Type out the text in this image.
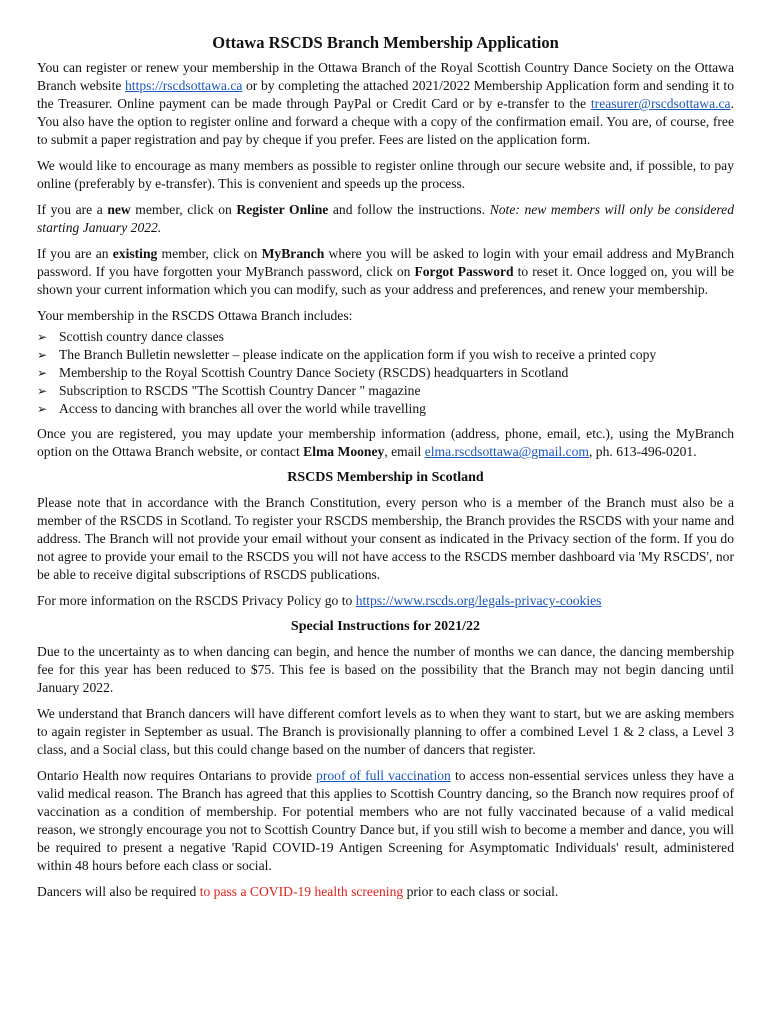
Ottawa RSCDS Branch Membership Application

You can register or renew your membership in the Ottawa Branch of the Royal Scottish Country Dance Society on the Ottawa Branch website https://rscdsottawa.ca or by completing the attached 2021/2022 Membership Application form and sending it to the Treasurer. Online payment can be made through PayPal or Credit Card or by e-transfer to the treasurer@rscdsottawa.ca. You also have the option to register online and forward a cheque with a copy of the confirmation email. You are, of course, free to submit a paper registration and pay by cheque if you prefer. Fees are listed on the application form.

We would like to encourage as many members as possible to register online through our secure website and, if possible, to pay online (preferably by e-transfer). This is convenient and speeds up the process.

If you are a new member, click on Register Online and follow the instructions. Note: new members will only be considered starting January 2022.

If you are an existing member, click on MyBranch where you will be asked to login with your email address and MyBranch password. If you have forgotten your MyBranch password, click on Forgot Password to reset it. Once logged on, you will be shown your current information which you can modify, such as your address and preferences, and renew your membership.

Your membership in the RSCDS Ottawa Branch includes:

➢ Scottish country dance classes
➢ The Branch Bulletin newsletter – please indicate on the application form if you wish to receive a printed copy
➢ Membership to the Royal Scottish Country Dance Society (RSCDS) headquarters in Scotland
➢ Subscription to RSCDS "The Scottish Country Dancer " magazine
➢ Access to dancing with branches all over the world while travelling

Once you are registered, you may update your membership information (address, phone, email, etc.), using the MyBranch option on the Ottawa Branch website, or contact Elma Mooney, email elma.rscdsottawa@gmail.com, ph. 613-496-0201.

RSCDS Membership in Scotland

Please note that in accordance with the Branch Constitution, every person who is a member of the Branch must also be a member of the RSCDS in Scotland. To register your RSCDS membership, the Branch provides the RSCDS with your name and address. The Branch will not provide your email without your consent as indicated in the Privacy section of the form. If you do not agree to provide your email to the RSCDS you will not have access to the RSCDS member dashboard via 'My RSCDS', nor be able to receive digital subscriptions of RSCDS publications.

For more information on the RSCDS Privacy Policy go to https://www.rscds.org/legals-privacy-cookies

Special Instructions for 2021/22

Due to the uncertainty as to when dancing can begin, and hence the number of months we can dance, the dancing membership fee for this year has been reduced to $75. This fee is based on the possibility that the Branch may not begin dancing until January 2022.

We understand that Branch dancers will have different comfort levels as to when they want to start, but we are asking members to again register in September as usual. The Branch is provisionally planning to offer a combined Level 1 & 2 class, a Level 3 class, and a Social class, but this could change based on the number of dancers that register.

Ontario Health now requires Ontarians to provide proof of full vaccination to access non-essential services unless they have a valid medical reason. The Branch has agreed that this applies to Scottish Country dancing, so the Branch now requires proof of vaccination as a condition of membership. For potential members who are not fully vaccinated because of a valid medical reason, we strongly encourage you not to Scottish Country Dance but, if you still wish to become a member and dance, you will be required to present a negative 'Rapid COVID-19 Antigen Screening for Asymptomatic Individuals' result, administered within 48 hours before each class or social.

Dancers will also be required to pass a COVID-19 health screening prior to each class or social.
